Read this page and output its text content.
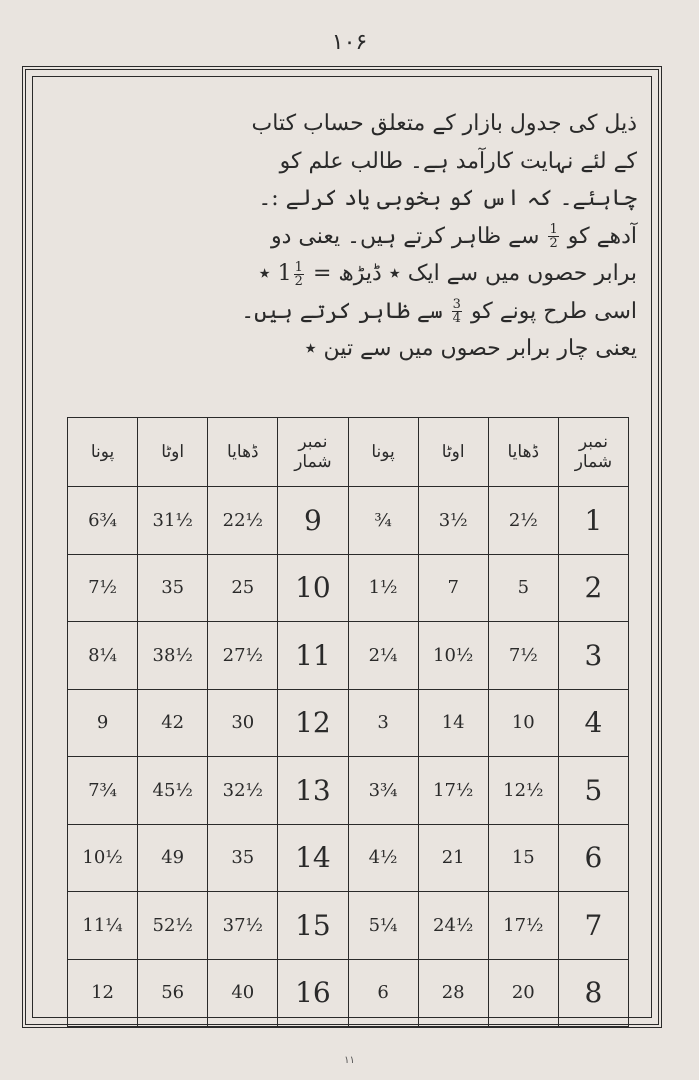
۱۰۶

ذیل کی جدول بازار کے متعلق حساب کتاب

کے لئے نہایت کارآمد ہے۔ طالب علم کو

چاہئے۔ کہ اس کو بخوبی یاد کرلے :۔

آدھے کو
$\frac{1}{2}$
سے ظاہر کرتے ہیں۔ یعنی دو

برابر حصوں میں سے ایک ٭ ڈیڑھ = $1 \frac{1}{2}$
٭

اسی طرح پونے کو
$\frac{3}{4}$
سے ظاہر کرتے ہیں۔

یعنی چار برابر حصوں میں سے تین ٭

نمبر شمار	ڈھایا	اوٹا	پونا	نمبر شمار	ڈھایا	اوٹا	پونا
1	2½	3½	¾	9	22½	31½	6¾
2	5	7	1½	10	25	35	7½
3	7½	10½	2¼	11	27½	38½	8¼
4	10	14	3	12	30	42	9
5	12½	17½	3¾	13	32½	45½	7¾
6	15	21	4½	14	35	49	10½
7	17½	24½	5¼	15	37½	52½	11¼
8	20	28	6	16	40	56	12
۱۱
